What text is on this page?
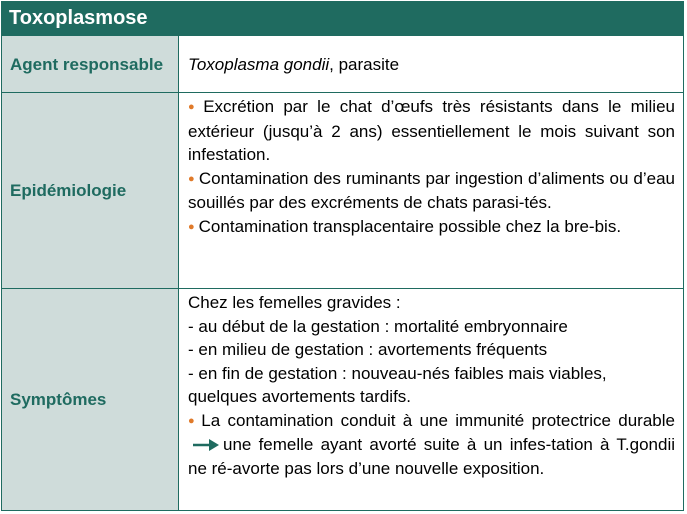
Toxoplasmose
Agent responsable	Toxoplasma gondii, parasite

Epidémiologie

● Excrétion par le chat d’œufs très résistants dans le milieu extérieur (jusqu’à 2 ans) essentiellement le mois suivant son infestation.

● Contamination des ruminants par ingestion d’aliments ou d’eau souillés par des excréments de chats parasi-tés.

● Contamination transplacentaire possible chez la bre-bis.

Symptômes

Chez les femelles gravides :

- au début de la gestation : mortalité embryonnaire

- en milieu de gestation : avortements fréquents

- en fin de gestation : nouveau-nés faibles mais viables, quelques avortements tardifs.

● La contamination conduit à une immunité protectrice durableune femelle ayant avorté suite à un infes-tation à T.gondii ne ré-avorte pas lors d’une nouvelle exposition.
